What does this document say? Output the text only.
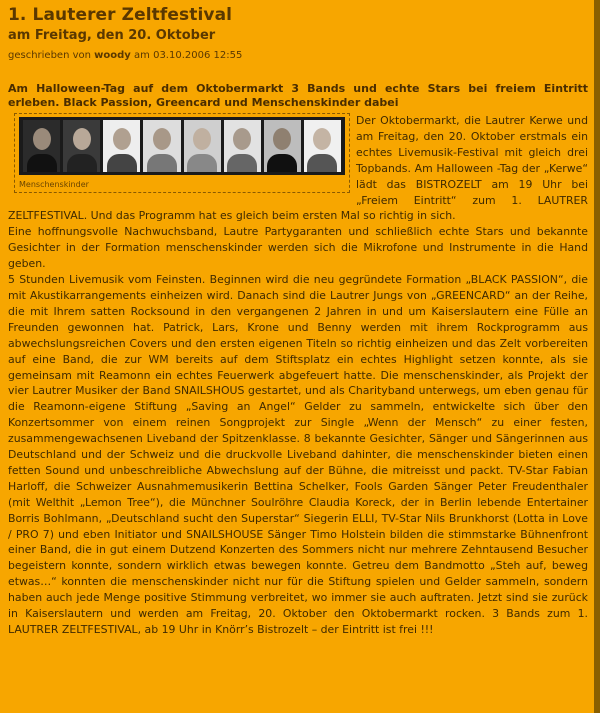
1. Lauterer Zeltfestival
am Freitag, den 20. Oktober
geschrieben von woody am 03.10.2006 12:55
Am Halloween-Tag auf dem Oktobermarkt 3 Bands und echte Stars bei freiem Eintritt erleben. Black Passion, Greencard und Menschenskinder dabei
Menschenskinder

Der Oktobermarkt, die Lautrer Kerwe und am Freitag, den 20. Oktober erstmals ein echtes Livemusik-Festival mit gleich drei Topbands. Am Halloween -Tag der „Kerwe“ lädt das BISTROZELT am 19 Uhr bei „Freiem Eintritt“ zum 1. LAUTRER ZELTFESTIVAL. Und das Programm hat es gleich beim ersten Mal so richtig in sich.

Eine hoffnungsvolle Nachwuchsband, Lautre Partygaranten und schließlich echte Stars und bekannte Gesichter in der Formation menschenskinder werden sich die Mikrofone und Instrumente in die Hand geben.

5 Stunden Livemusik vom Feinsten. Beginnen wird die neu gegründete Formation „BLACK PASSION“, die mit Akustikarrangements einheizen wird. Danach sind die Lautrer Jungs von „GREENCARD“ an der Reihe, die mit Ihrem satten Rocksound in den vergangenen 2 Jahren in und um Kaiserslautern eine Fülle an Freunden gewonnen hat. Patrick, Lars, Krone und Benny werden mit ihrem Rockprogramm aus abwechslungsreichen Covers und den ersten eigenen Titeln so richtig einheizen und das Zelt vorbereiten auf eine Band, die zur WM bereits auf dem Stiftsplatz ein echtes Highlight setzen konnte, als sie gemeinsam mit Reamonn ein echtes Feuerwerk abgefeuert hatte. Die menschenskinder, als Projekt der vier Lautrer Musiker der Band SNAILSHOUS gestartet, und als Charityband unterwegs, um eben genau für die Reamonn-eigene Stiftung „Saving an Angel“ Gelder zu sammeln, entwickelte sich über den Konzertsommer von einem reinen Songprojekt zur Single „Wenn der Mensch“ zu einer festen, zusammengewachsenen Liveband der Spitzenklasse. 8 bekannte Gesichter, Sänger und Sängerinnen aus Deutschland und der Schweiz und die druckvolle Liveband dahinter, die menschenskinder bieten einen fetten Sound und unbeschreibliche Abwechslung auf der Bühne, die mitreisst und packt. TV-Star Fabian Harloff, die Schweizer Ausnahmemusikerin Bettina Schelker, Fools Garden Sänger Peter Freudenthaler (mit Welthit „Lemon Tree“), die Münchner Soulröhre Claudia Koreck, der in Berlin lebende Entertainer Borris Bohlmann, „Deutschland sucht den Superstar“ Siegerin ELLI, TV-Star Nils Brunkhorst (Lotta in Love / PRO 7) und eben Initiator und SNAILSHOUSE Sänger Timo Holstein bilden die stimmstarke Bühnenfront einer Band, die in gut einem Dutzend Konzerten des Sommers nicht nur mehrere Zehntausend Besucher begeistern konnte, sondern wirklich etwas bewegen konnte. Getreu dem Bandmotto „Steh auf, beweg etwas…“ konnten die menschenskinder nicht nur für die Stiftung spielen und Gelder sammeln, sondern haben auch jede Menge positive Stimmung verbreitet, wo immer sie auch auftraten. Jetzt sind sie zurück in Kaiserslautern und werden am Freitag, 20. Oktober den Oktobermarkt rocken. 3 Bands zum 1. LAUTRER ZELTFESTIVAL, ab 19 Uhr in Knörr’s Bistrozelt – der Eintritt ist frei !!!
